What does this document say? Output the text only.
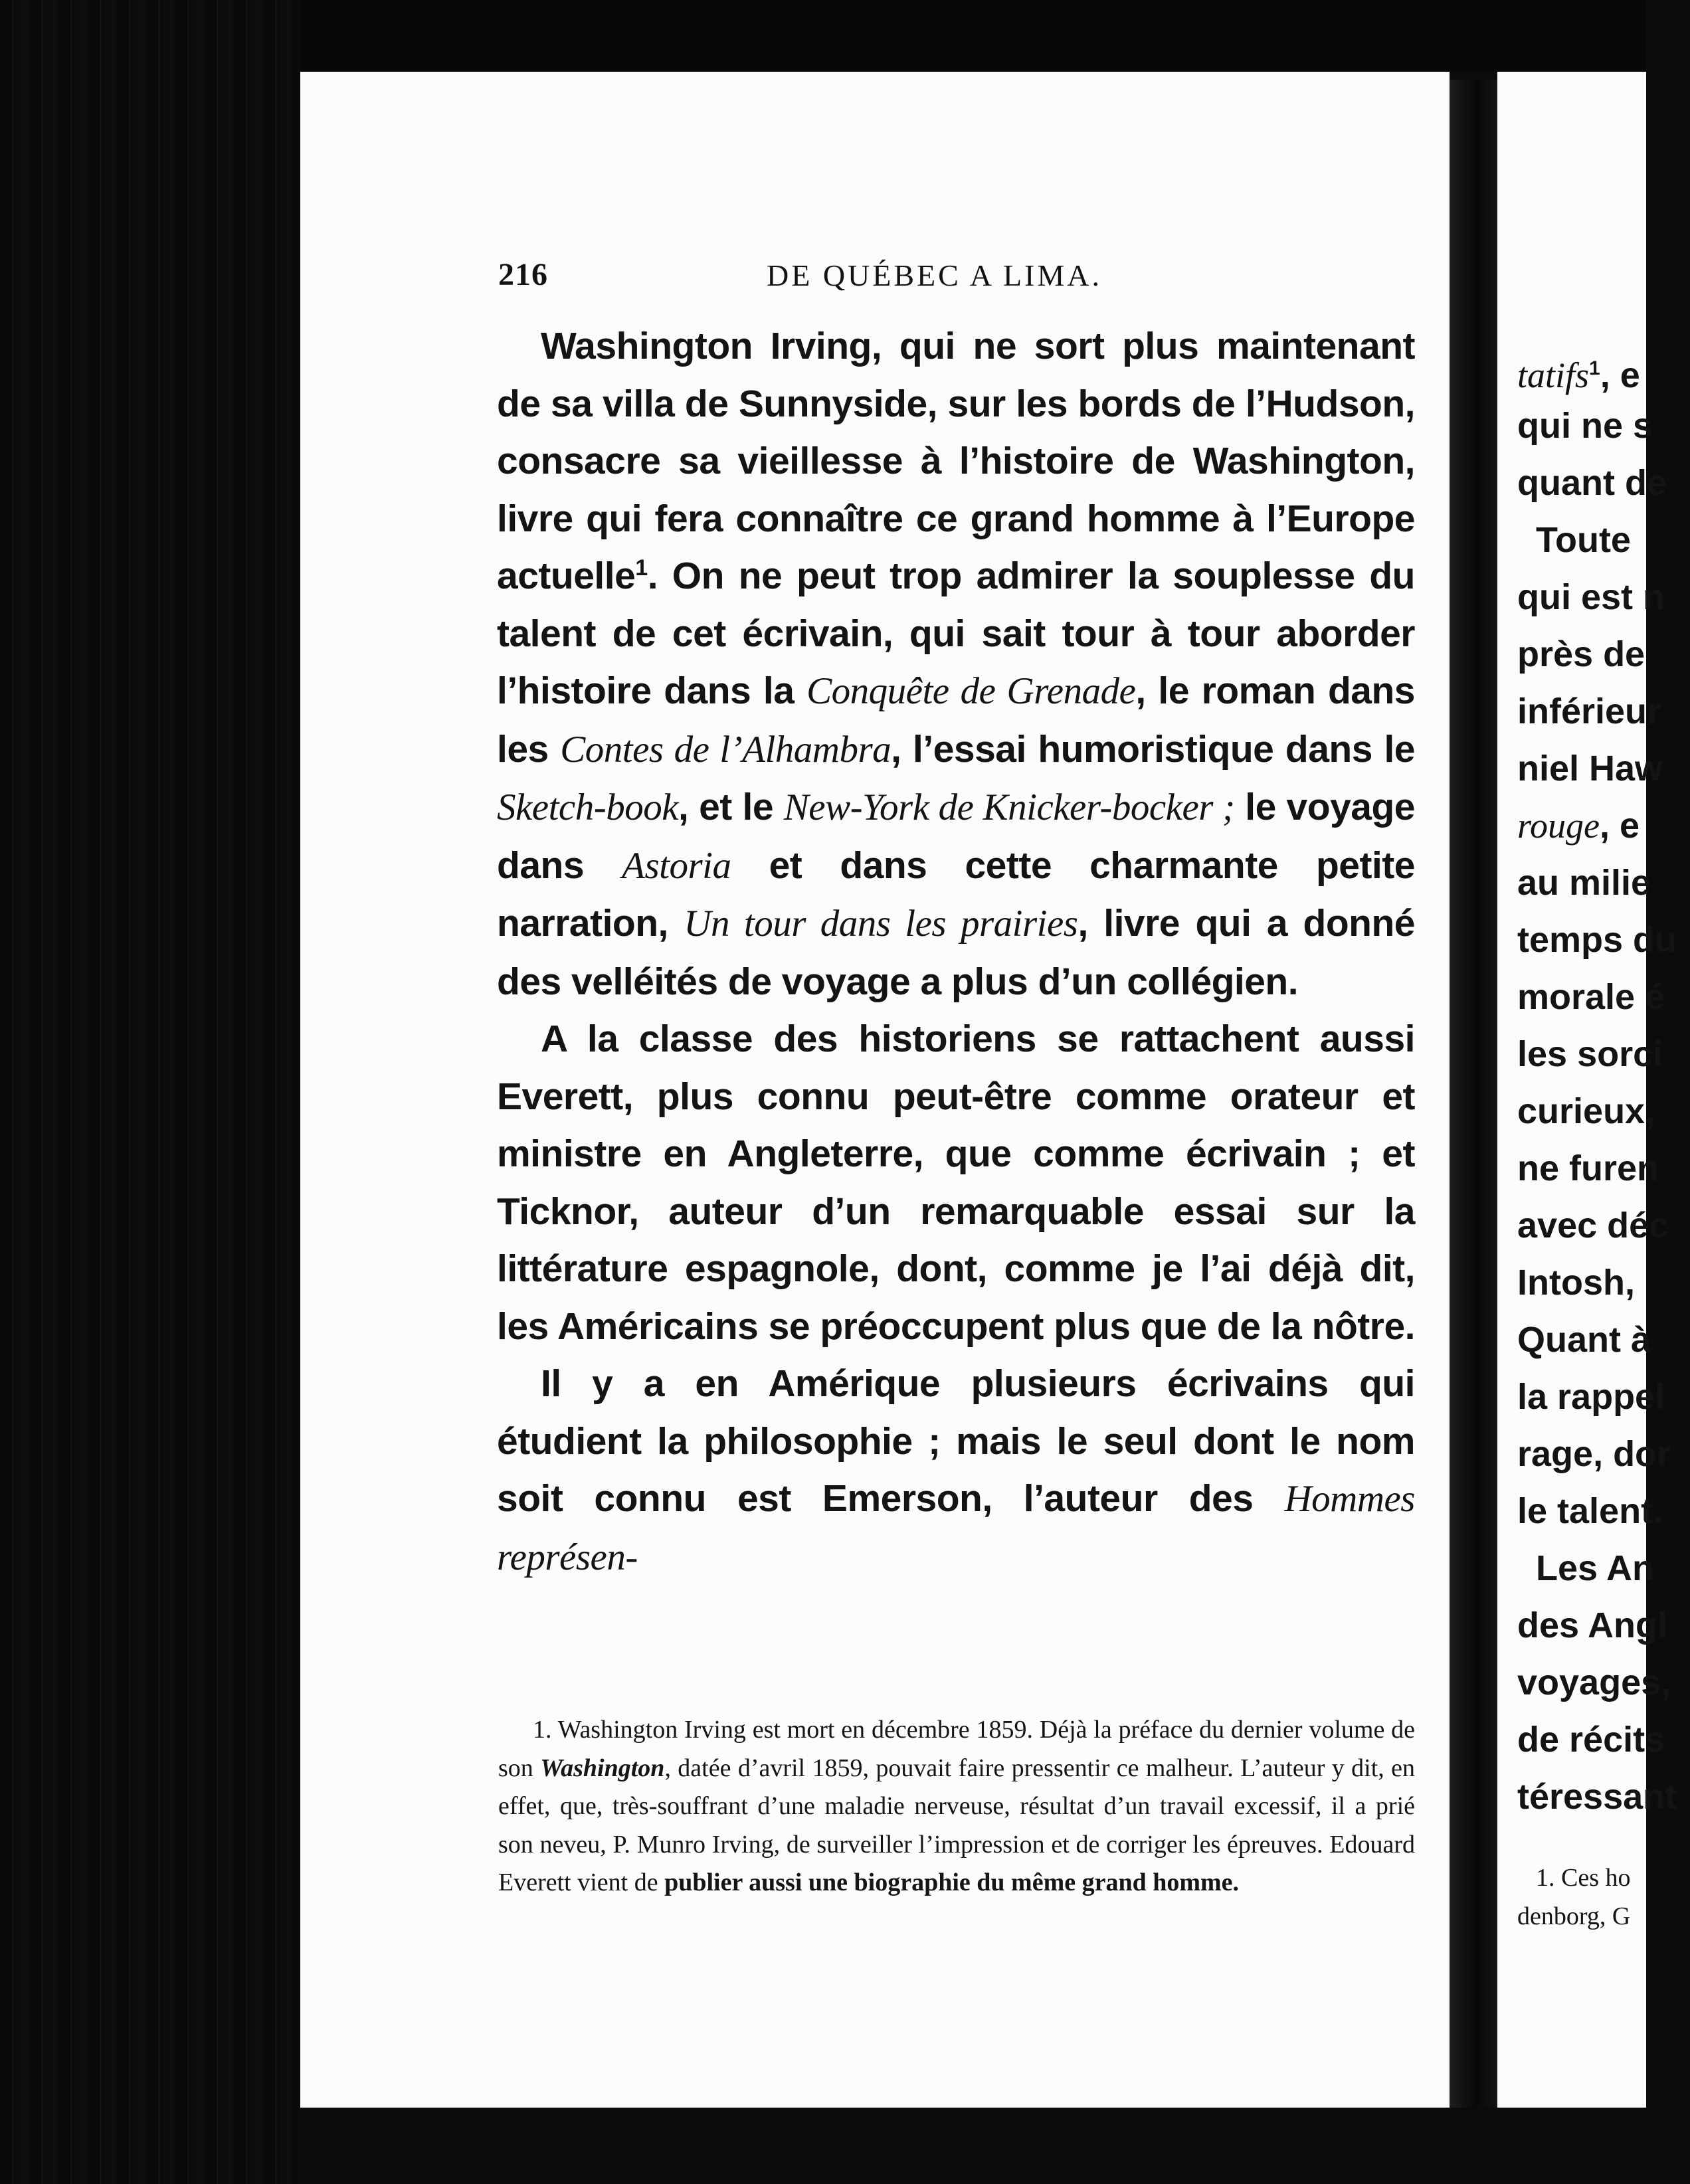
216	DE QUÉBEC A LIMA.

Washington Irving, qui ne sort plus maintenant de sa villa de Sunnyside, sur les bords de l’Hudson, consacre sa vieillesse à l’histoire de Washington, livre qui fera connaître ce grand homme à l’Europe actuelle$^1$. On ne peut trop admirer la souplesse du talent de cet écrivain, qui sait tour à tour aborder l’histoire dans la Conquête de Grenade, le roman dans les Contes de l’Alhambra, l’essai humoristique dans le Sketch-book, et le New-York de Knicker-bocker ; le voyage dans Astoria et dans cette charmante petite narration, Un tour dans les prairies, livre qui a donné des velléités de voyage a plus d’un collégien.

A la classe des historiens se rattachent aussi Everett, plus connu peut-être comme orateur et ministre en Angleterre, que comme écrivain ; et Ticknor, auteur d’un remarquable essai sur la littérature espagnole, dont, comme je l’ai déjà dit, les Américains se préoccupent plus que de la nôtre.

Il y a en Amérique plusieurs écrivains qui étudient la philosophie ; mais le seul dont le nom soit connu est Emerson, l’auteur des Hommes représen-

1. Washington Irving est mort en décembre 1859. Déjà la préface du dernier volume de son Washington, datée d’avril 1859, pouvait faire pressentir ce malheur. L’auteur y dit, en effet, que, très-souffrant d’une maladie nerveuse, résultat d’un travail excessif, il a prié son neveu, P. Munro Irving, de surveiller l’impression et de corriger les épreuves. Edouard Everett vient de publier aussi une biographie du même grand homme.

tatifs$^1$, e
qui ne s
quant de
Toute
qui est n
près de
inférieur
niel Haw
rouge, e
au milie
temps du
morale é
les sorci
curieux,
ne furen
avec déc
Intosh,
Quant à
la rappel
rage, dor
le talent.
Les An
des Angl
voyages,
de récits
téressant
1. Ces ho
denborg, G
